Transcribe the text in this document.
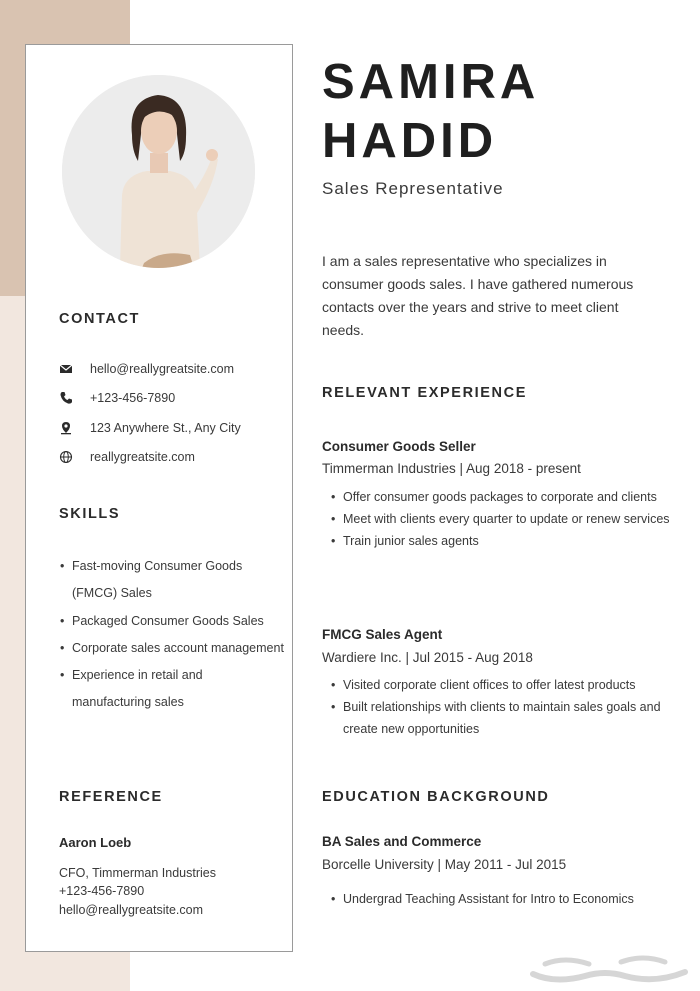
CONTACT
hello@reallygreatsite.com
+123-456-7890
123 Anywhere St., Any City
reallygreatsite.com
SKILLS
• Fast-moving Consumer Goods (FMCG) Sales
• Packaged Consumer Goods Sales
• Corporate sales account management
• Experience in retail and manufacturing sales
REFERENCE
Aaron Loeb
CFO, Timmerman Industries
+123-456-7890
hello@reallygreatsite.com
SAMIRA
HADID
Sales Representative
I am a sales representative who specializes in consumer goods sales. I have gathered numerous contacts over the years and strive to meet client needs.
RELEVANT EXPERIENCE
Consumer Goods Seller
Timmerman Industries | Aug 2018 - present
• Offer consumer goods packages to corporate and clients
• Meet with clients every quarter to update or renew services
• Train junior sales agents
FMCG Sales Agent
Wardiere Inc. | Jul 2015 - Aug 2018
• Visited corporate client offices to offer latest products
• Built relationships with clients to maintain sales goals and create new opportunities
EDUCATION BACKGROUND
BA Sales and Commerce
Borcelle University | May 2011 - Jul 2015
• Undergrad Teaching Assistant for Intro to Economics
